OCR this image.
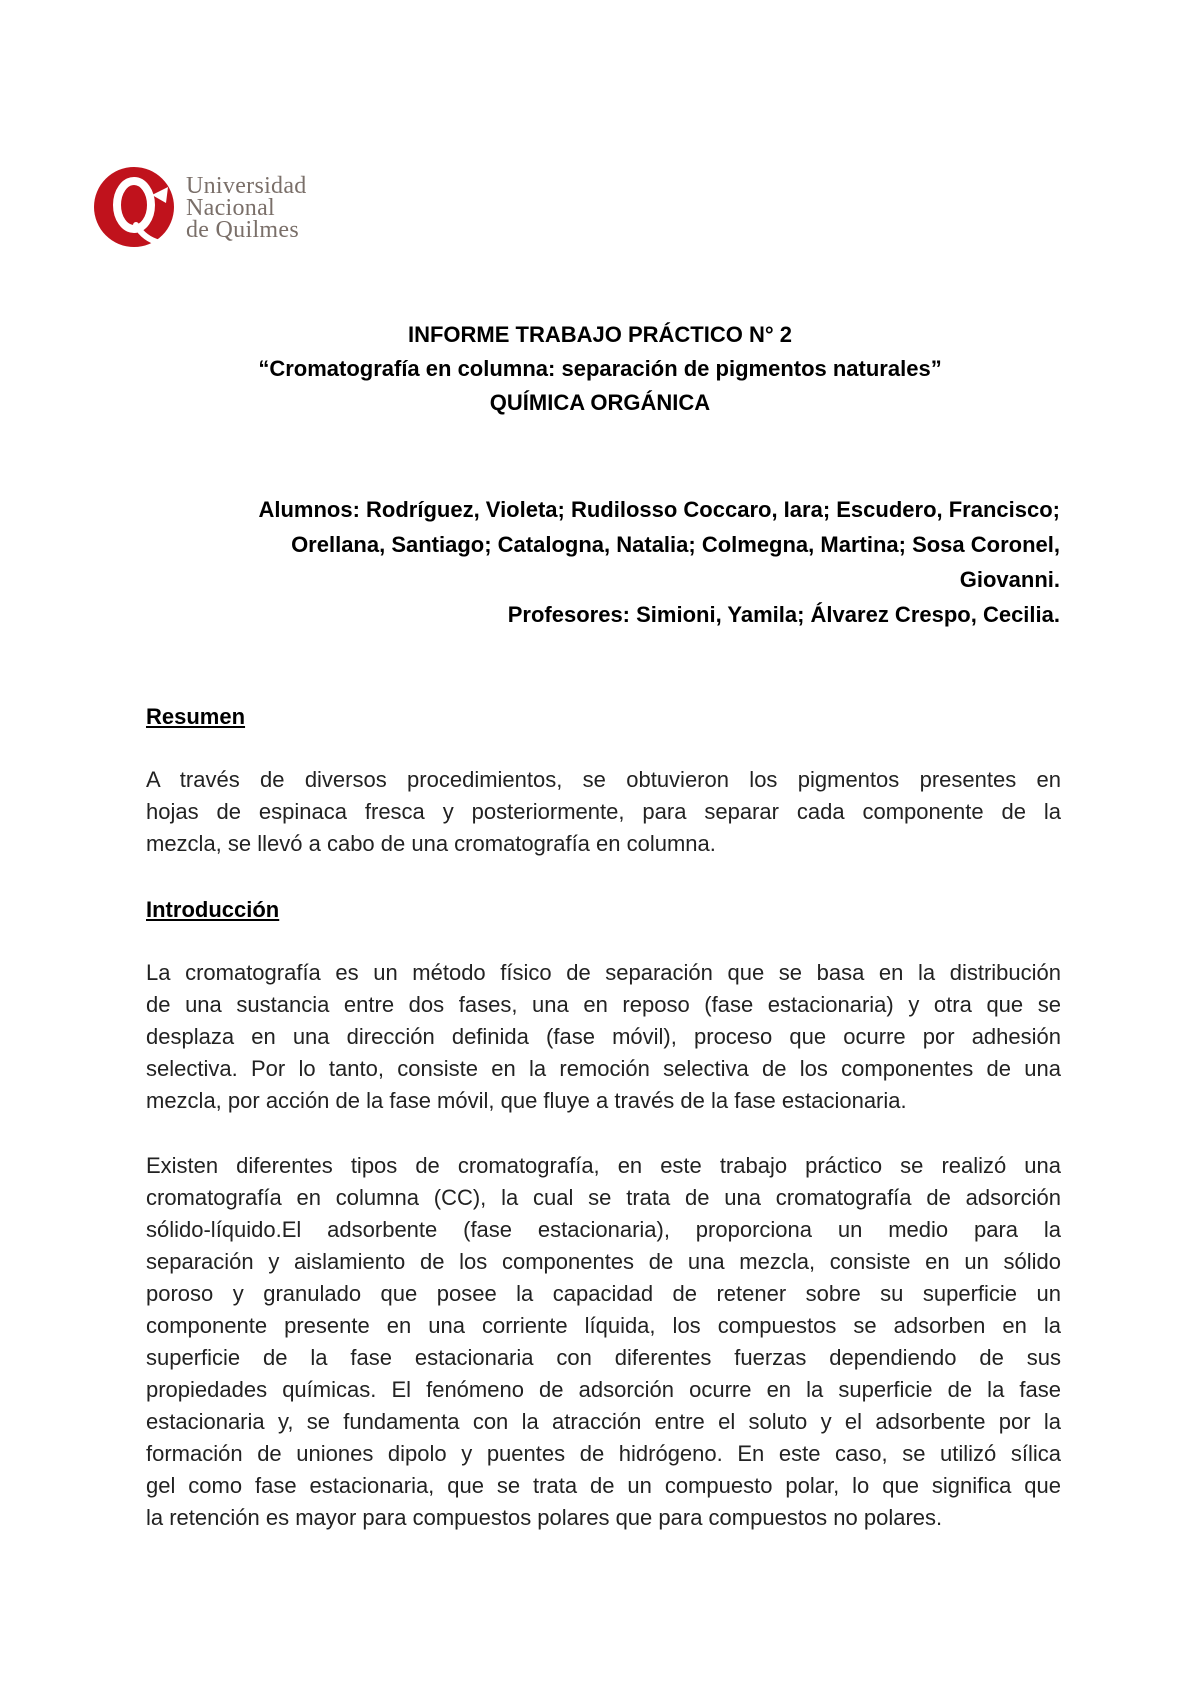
Universidad
Nacional
de Quilmes
INFORME TRABAJO PRÁCTICO N° 2
“Cromatografía en columna: separación de pigmentos naturales”
QUÍMICA ORGÁNICA
Alumnos: Rodríguez, Violeta; Rudilosso Coccaro, Iara; Escudero, Francisco;
Orellana, Santiago; Catalogna, Natalia; Colmegna, Martina; Sosa Coronel,
Giovanni.
Profesores: Simioni, Yamila; Álvarez Crespo, Cecilia.
Resumen
A través de diversos procedimientos, se obtuvieron los pigmentos presentes en
hojas de espinaca fresca y posteriormente, para separar cada componente de la
mezcla, se llevó a cabo de una cromatografía en columna.
Introducción
La cromatografía es un método físico de separación que se basa en la distribución
de una sustancia entre dos fases, una en reposo (fase estacionaria) y otra que se
desplaza en una dirección definida (fase móvil), proceso que ocurre por adhesión
selectiva. Por lo tanto, consiste en la remoción selectiva de los componentes de una
mezcla, por acción de la fase móvil, que fluye a través de la fase estacionaria.
Existen diferentes tipos de cromatografía, en este trabajo práctico se realizó una
cromatografía en columna (CC), la cual se trata de una cromatografía de adsorción
sólido-líquido.El adsorbente (fase estacionaria), proporciona un medio para la
separación y aislamiento de los componentes de una mezcla, consiste en un sólido
poroso y granulado que posee la capacidad de retener sobre su superficie un
componente presente en una corriente líquida, los compuestos se adsorben en la
superficie de la fase estacionaria con diferentes fuerzas dependiendo de sus
propiedades químicas. El fenómeno de adsorción ocurre en la superficie de la fase
estacionaria y, se fundamenta con la atracción entre el soluto y el adsorbente por la
formación de uniones dipolo y puentes de hidrógeno. En este caso, se utilizó sílica
gel como fase estacionaria, que se trata de un compuesto polar, lo que significa que
la retención es mayor para compuestos polares que para compuestos no polares.
